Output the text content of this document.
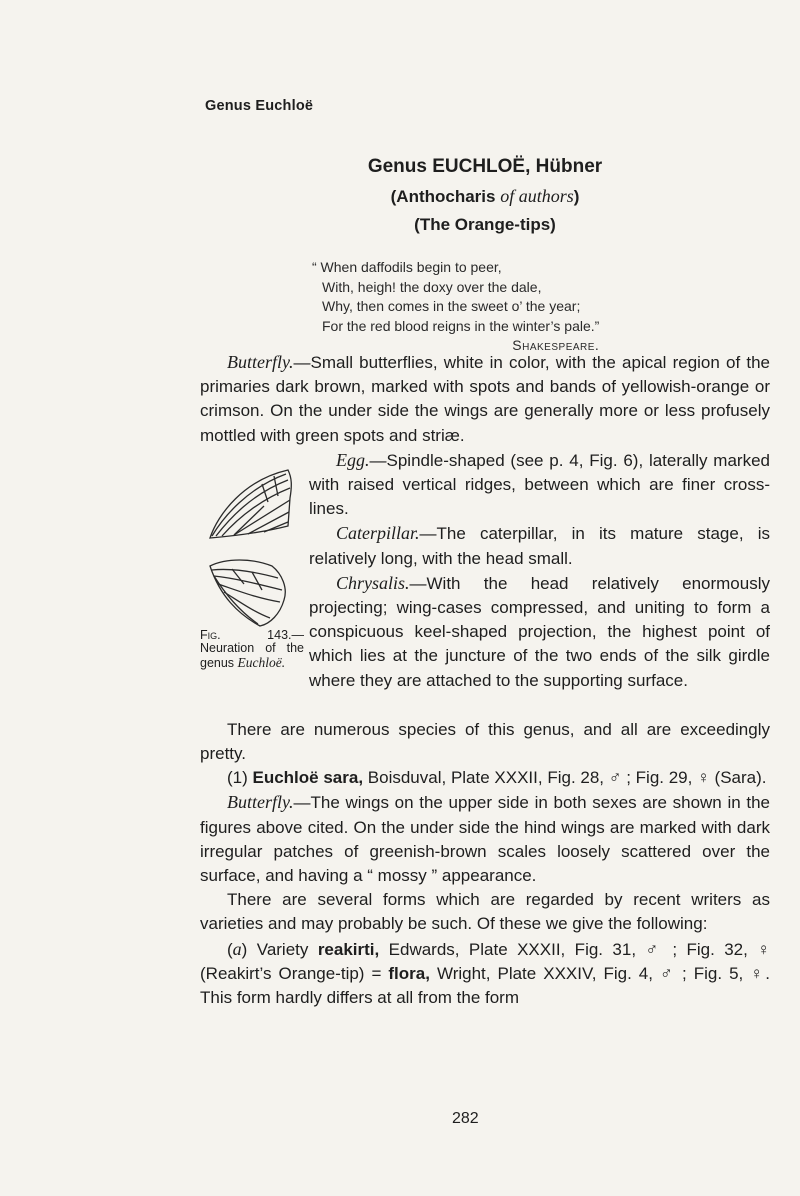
Genus Euchloë
Genus EUCHLOË, Hübner
(Anthocharis of authors)
(The Orange-tips)
“ When daffodils begin to peer,
With, heigh! the doxy over the dale,
Why, then comes in the sweet o’ the year;
For the red blood reigns in the winter’s pale.”
Shakespeare.

Butterfly.—Small butterflies, white in color, with the apical region of the primaries dark brown, marked with spots and bands of yellowish-orange or crimson. On the under side the wings are generally more or less profusely mottled with green spots and striæ.

Fig. 143.— Neuration of the genus Euchloë.

Egg.—Spindle-shaped (see p. 4, Fig. 6), laterally marked with raised vertical ridges, between which are finer cross-lines.

Caterpillar.—The caterpillar, in its mature stage, is relatively long, with the head small.

Chrysalis.—With the head relatively enormously projecting; wing-cases compressed, and uniting to form a conspicuous keel-shaped projection, the highest point of which lies at the juncture of the two ends of the silk girdle where they are attached to the supporting surface.

There are numerous species of this genus, and all are exceedingly pretty.

(1) Euchloë sara, Boisduval, Plate XXXII, Fig. 28, ♂ ; Fig. 29, ♀ (Sara).

Butterfly.—The wings on the upper side in both sexes are shown in the figures above cited. On the under side the hind wings are marked with dark irregular patches of greenish-brown scales loosely scattered over the surface, and having a “ mossy ” appearance.

There are several forms which are regarded by recent writers as varieties and may probably be such. Of these we give the following:

(a) Variety reakirti, Edwards, Plate XXXII, Fig. 31, ♂ ; Fig. 32, ♀ (Reakirt’s Orange-tip) = flora, Wright, Plate XXXIV, Fig. 4, ♂ ; Fig. 5, ♀. This form hardly differs at all from the form

282
